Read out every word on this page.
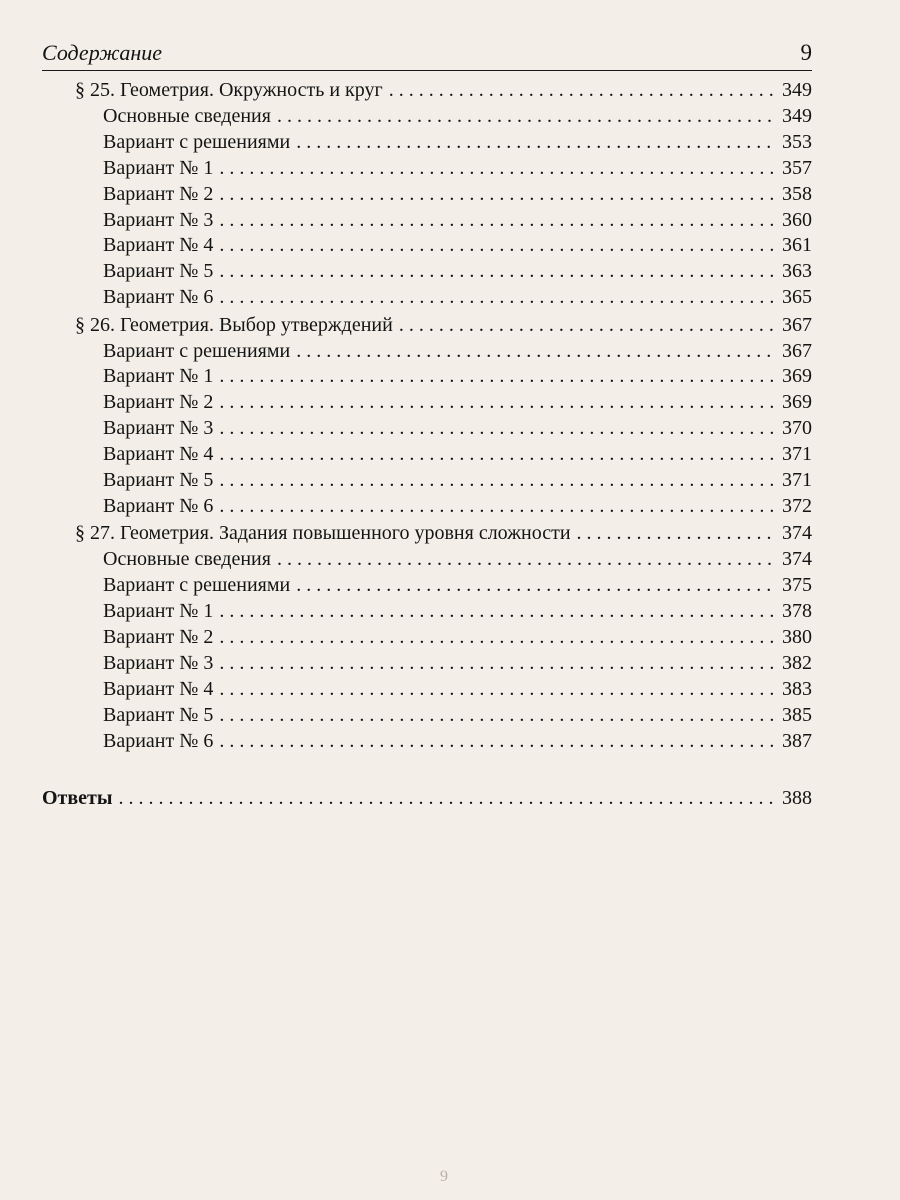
Содержание	9
§ 25. Геометрия. Окружность и круг . . .	349
Основные сведения . . .	349
Вариант с решениями . . .	353
Вариант № 1 . . .	357
Вариант № 2 . . .	358
Вариант № 3 . . .	360
Вариант № 4 . . .	361
Вариант № 5 . . .	363
Вариант № 6 . . .	365
§ 26. Геометрия. Выбор утверждений . . .	367
Вариант с решениями . . .	367
Вариант № 1 . . .	369
Вариант № 2 . . .	369
Вариант № 3 . . .	370
Вариант № 4 . . .	371
Вариант № 5 . . .	371
Вариант № 6 . . .	372
§ 27. Геометрия. Задания повышенного уровня сложности . . .	374
Основные сведения . . .	374
Вариант с решениями . . .	375
Вариант № 1 . . .	378
Вариант № 2 . . .	380
Вариант № 3 . . .	382
Вариант № 4 . . .	383
Вариант № 5 . . .	385
Вариант № 6 . . .	387
Ответы . . .	388
9
